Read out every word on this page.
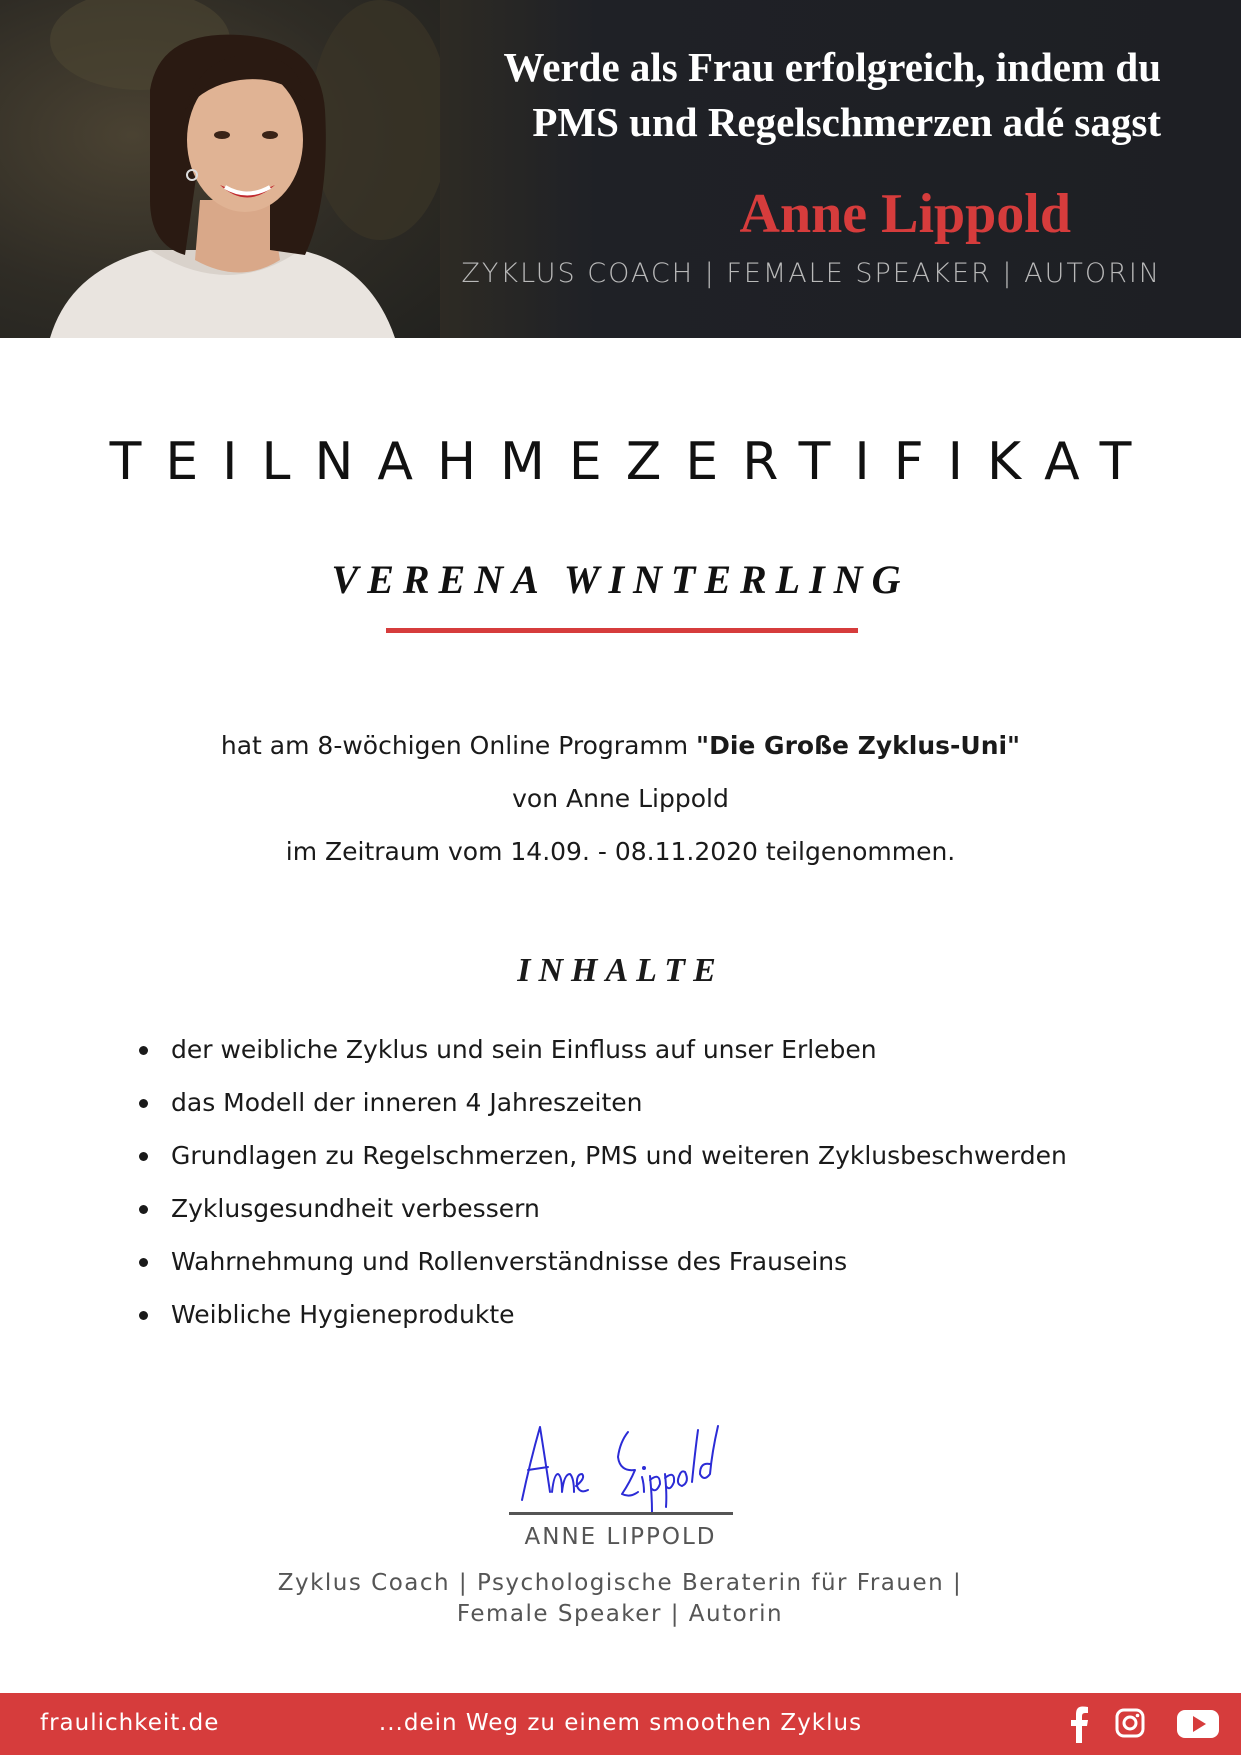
Werde als Frau erfolgreich, indem du

PMS und Regelschmerzen adé sagst

Anne Lippold

ZYKLUS COACH | FEMALE SPEAKER | AUTORIN
TEILNAHMEZERTIFIKAT
VERENA WINTERLING
hat am 8-wöchigen Online Programm "Die Große Zyklus-Uni"
von Anne Lippold
im Zeitraum vom 14.09. - 08.11.2020 teilgenommen.
INHALTE
der weibliche Zyklus und sein Einfluss auf unser Erleben
das Modell der inneren 4 Jahreszeiten
Grundlagen zu Regelschmerzen, PMS und weiteren Zyklusbeschwerden
Zyklusgesundheit verbessern
Wahrnehmung und Rollenverständnisse des Frauseins
Weibliche Hygieneprodukte
ANNE LIPPOLD
Zyklus Coach | Psychologische Beraterin für Frauen |
Female Speaker | Autorin
...dein Weg zu einem smoothen Zyklus
fraulichkeit.de
